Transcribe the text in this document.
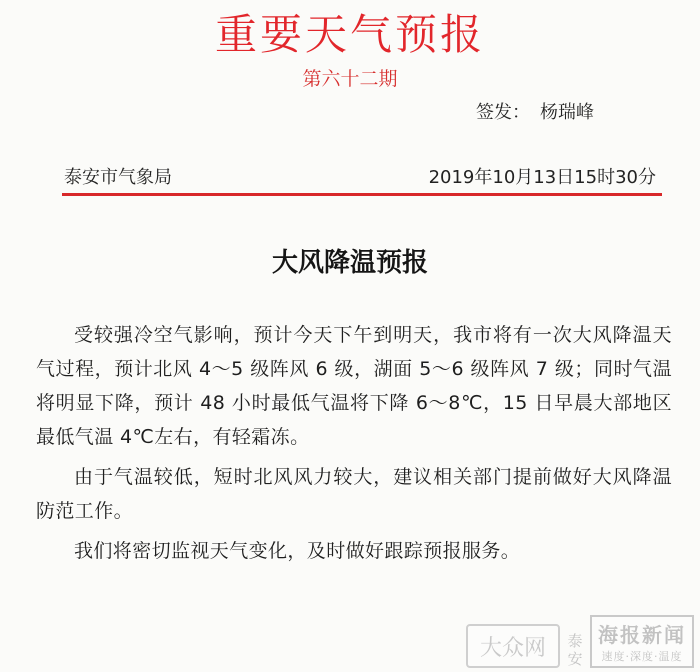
重要天气预报
第六十二期
签发： 杨瑞峰
泰安市气象局	2019年10月13日15时30分
大风降温预报

受较强冷空气影响，预计今天下午到明天，我市将有一次大风降温天气过程，预计北风 4～5 级阵风 6 级，湖面 5～6 级阵风 7 级；同时气温将明显下降，预计 48 小时最低气温将下降 6～8℃，15 日早晨大部地区最低气温 4℃左右，有轻霜冻。

由于气温较低，短时北风风力较大，建议相关部门提前做好大风降温防范工作。

我们将密切监视天气变化，及时做好跟踪预报服务。

大众网	泰安
海报新闻
速度·深度·温度
